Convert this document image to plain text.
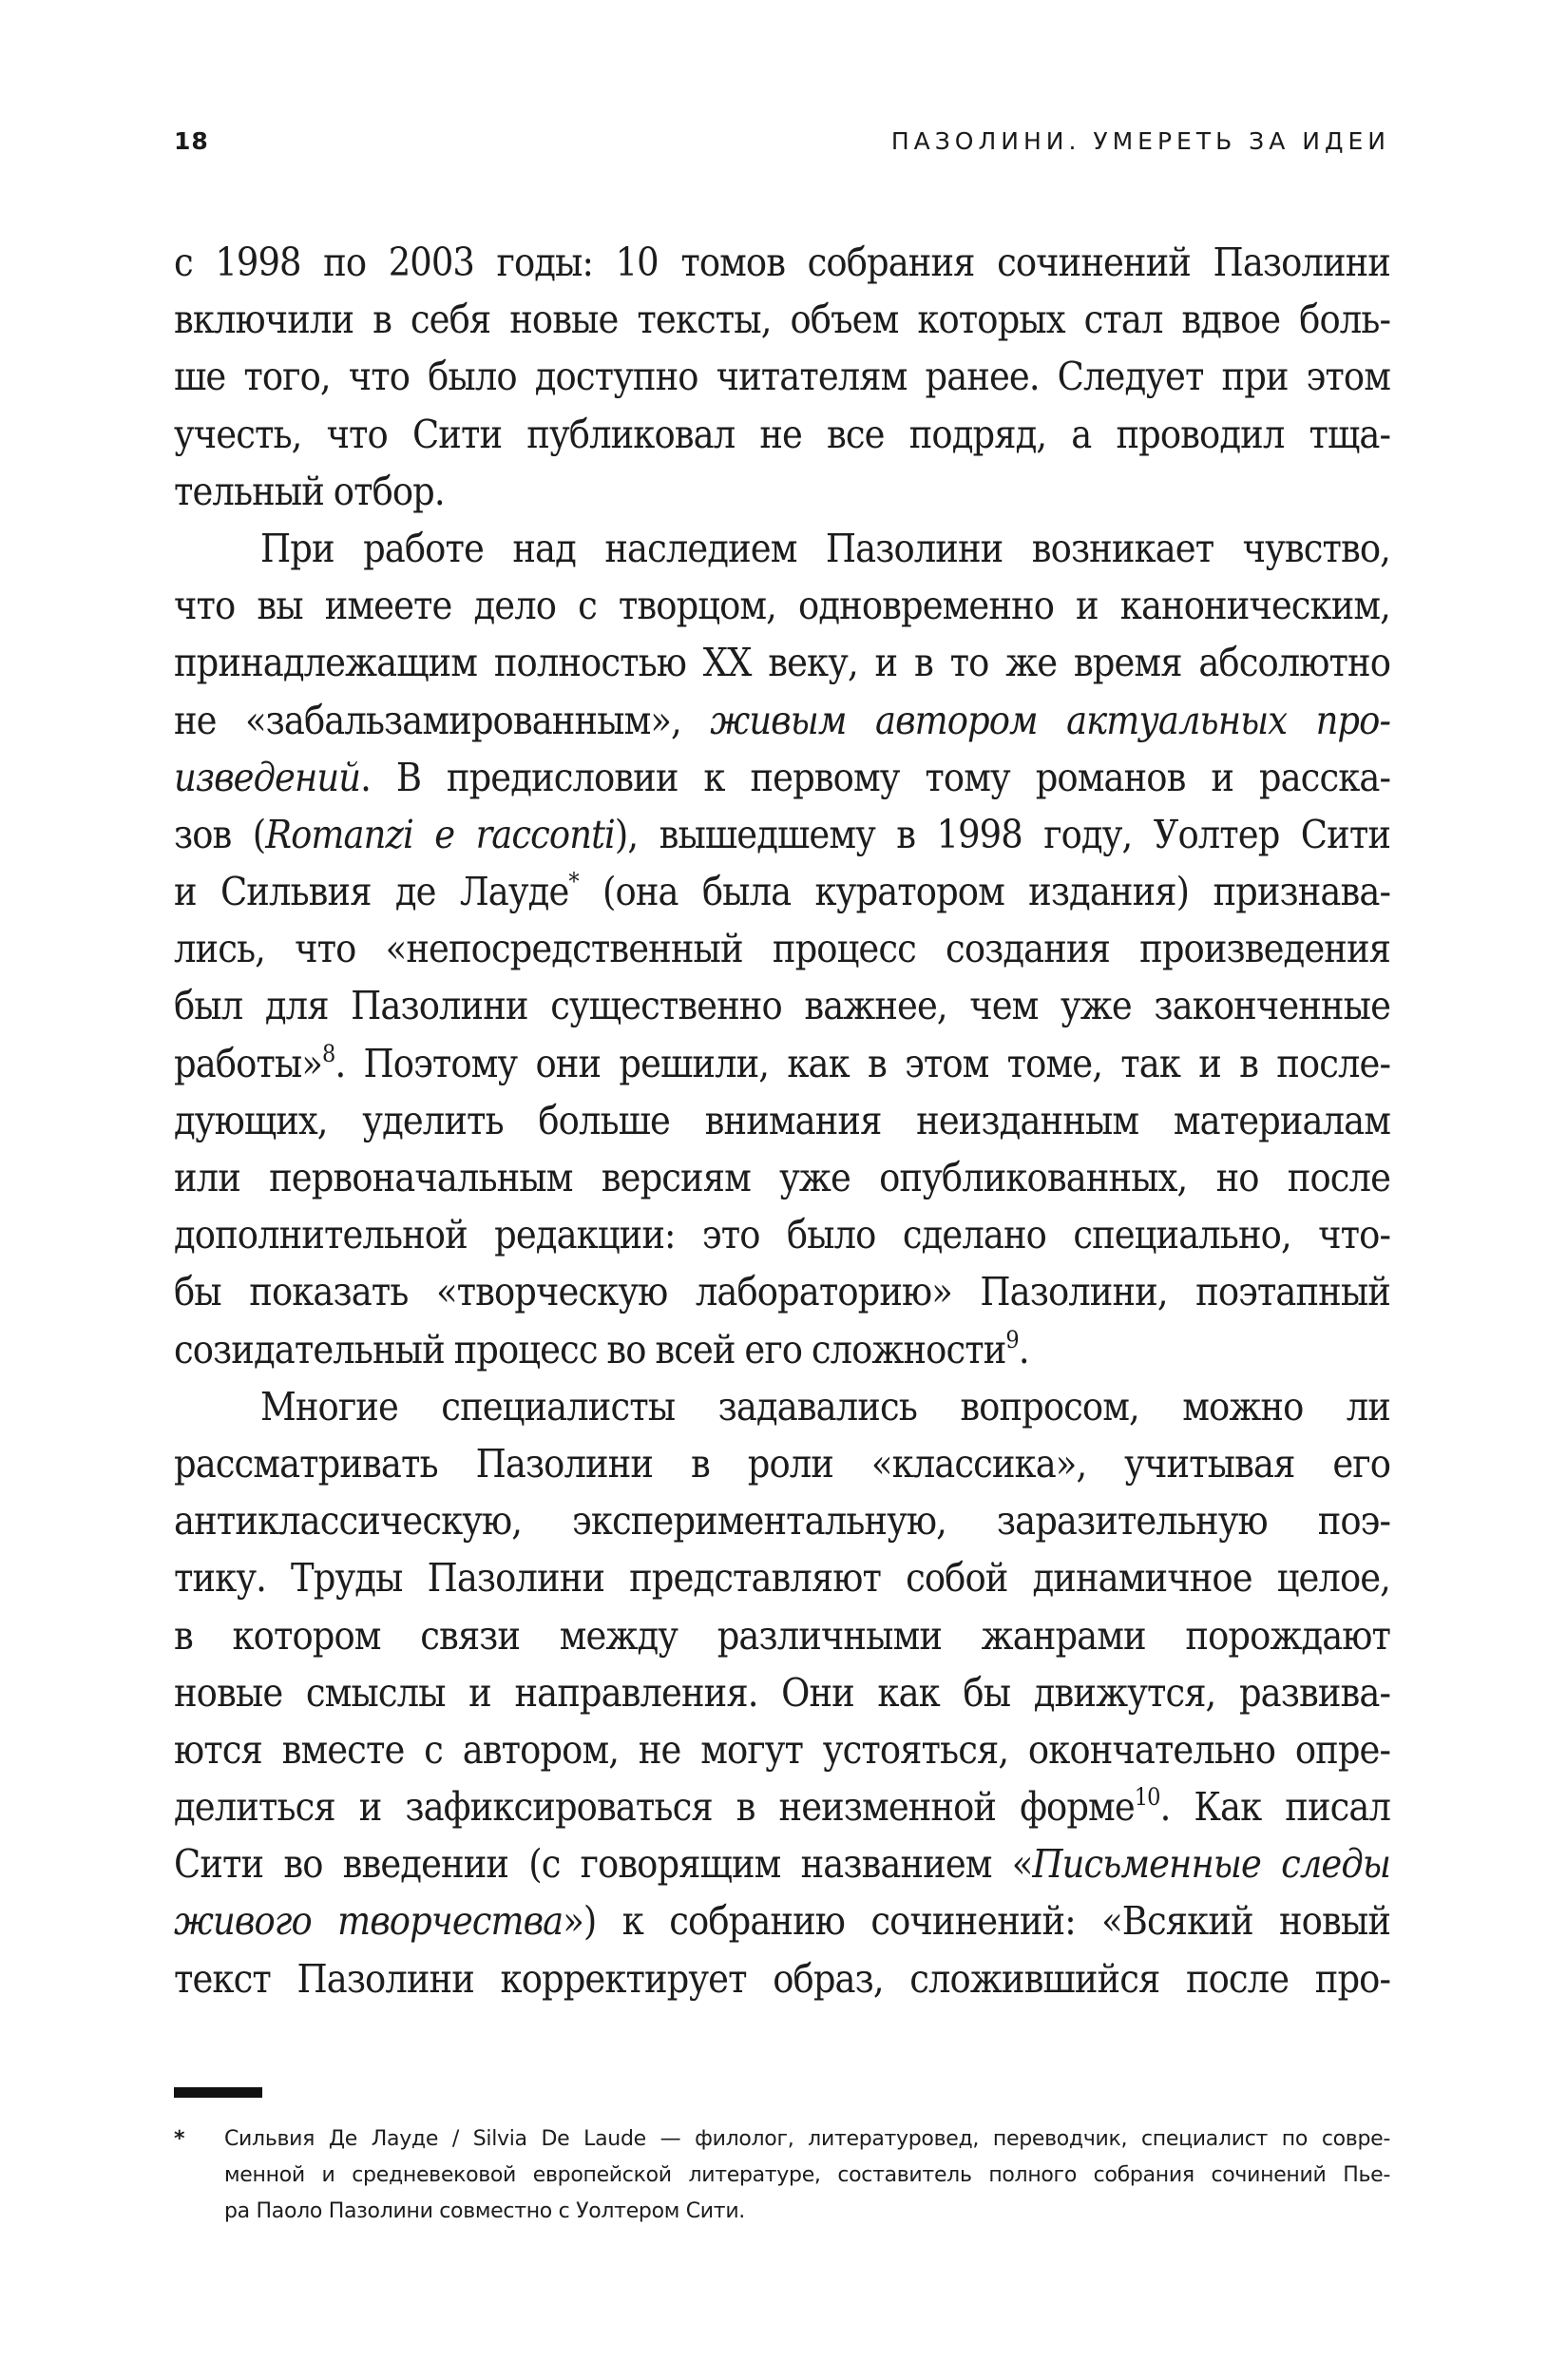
18	ПАЗОЛИНИ. УМЕРЕТЬ ЗА ИДЕИ
с 1998 по 2003 годы: 10 томов собрания сочинений Пазолини
включили в себя новые тексты, объем которых стал вдвое боль-
ше того, что было доступно читателям ранее. Следует при этом
учесть, что Сити публиковал не все подряд, а проводил тща-
тельный отбор.
При работе над наследием Пазолини возникает чувство,
что вы имеете дело с творцом, одновременно и каноническим,
принадлежащим полностью XX веку, и в то же время абсолютно
не «забальзамированным», живым автором актуальных про-
изведений. В предисловии к первому тому романов и расска-
зов (Romanzi e racconti), вышедшему в 1998 году, Уолтер Сити
и Сильвия де Лауде* (она была куратором издания) признава-
лись, что «непосредственный процесс создания произведения
был для Пазолини существенно важнее, чем уже законченные
работы»$^8$. Поэтому они решили, как в этом томе, так и в после-
дующих, уделить больше внимания неизданным материалам
или первоначальным версиям уже опубликованных, но после
дополнительной редакции: это было сделано специально, что-
бы показать «творческую лабораторию» Пазолини, поэтапный
созидательный процесс во всей его сложности$^9$.
Многие специалисты задавались вопросом, можно ли
рассматривать Пазолини в роли «классика», учитывая его
антиклассическую, экспериментальную, заразительную поэ-
тику. Труды Пазолини представляют собой динамичное целое,
в котором связи между различными жанрами порождают
новые смыслы и направления. Они как бы движутся, развива-
ются вместе с автором, не могут устояться, окончательно опре-
делиться и зафиксироваться в неизменной форме$^{10}$. Как писал
Сити во введении (с говорящим названием «Письменные следы
живого творчества») к собранию сочинений: «Всякий новый
текст Пазолини корректирует образ, сложившийся после про-
* Сильвия Де Лауде / Silvia De Laude — филолог, литературовед, переводчик, специалист по совре-
менной и средневековой европейской литературе, составитель полного собрания сочинений Пье-
ра Паоло Пазолини совместно с Уолтером Сити.
